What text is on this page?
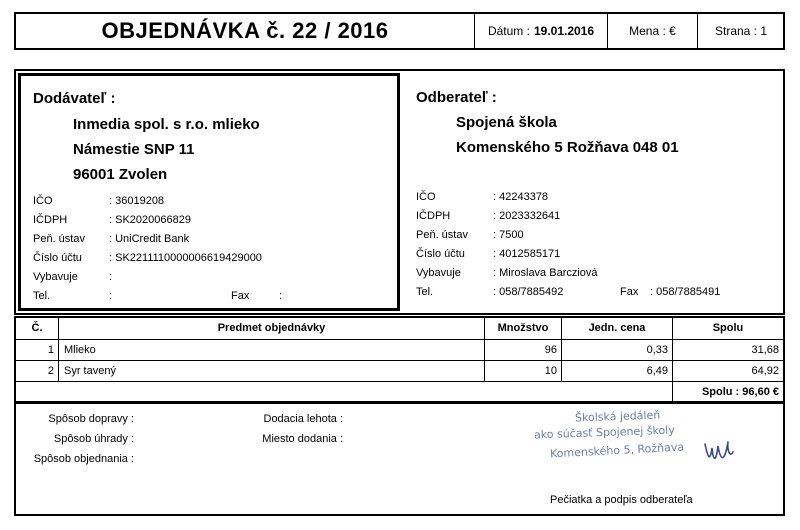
OBJEDNÁVKA č. 22 / 2016	Dátum : 19.01.2016	Mena : €	Strana : 1
Dodávateľ :
Inmedia spol. s r.o. mlieko
Námestie SNP 11
96001 Zvolen
IČO	: 36019208
IČDPH	: SK2020066829
Peň. ústav : UniCredit Bank
Číslo účtu : SK2211110000006619429000
Vybavuje	:
Tel.	:	Fax	:
Odberateľ :
Spojená škola
Komenského 5 Rožňava 048 01
IČO	: 42243378
IČDPH	: 2023332641
Peň. ústav : 7500
Číslo účtu	: 4012585171
Vybavuje	: Miroslava Barcziová
Tel.	: 058/7885492	Fax : 058/7885491
Č.	Predmet objednávky	Množstvo	Jedn. cena	Spolu
1 Mlieko	96	0,33	31,68
2 Syr tavený	10	6,49	64,92
Spolu : 96,60 €
Spôsob dopravy :
Spôsob úhrady :
Spôsob objednania :
Dodacia lehota :
Miesto dodania :
Pečiatka a podpis odberateľa
Školská jedáleň
ako súčasť Spojenej školy
Komenského 5, Rožňava
